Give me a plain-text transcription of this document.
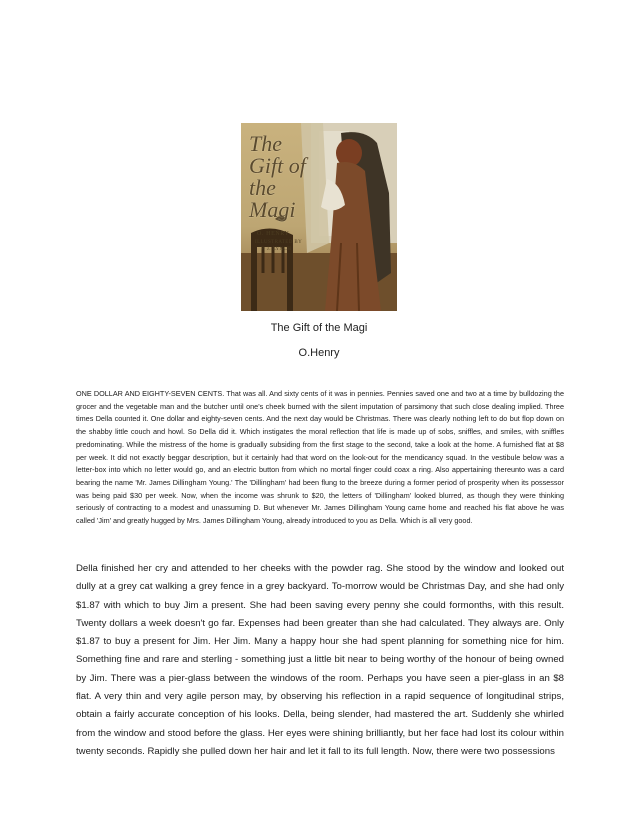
The
Gift of the
Magi
O. HENRY
ILLUSTRATED BY
P. J. LYNCH
The Gift of the Magi
O.Henry

ONE DOLLAR AND EIGHTY-SEVEN CENTS. That was all. And sixty cents of it was in pennies. Pennies saved one and two at a time by bulldozing the grocer and the vegetable man and the butcher until one's cheek burned with the silent imputation of parsimony that such close dealing implied. Three times Della counted it. One dollar and eighty-seven cents. And the next day would be Christmas. There was clearly nothing left to do but flop down on the shabby little couch and howl. So Della did it. Which instigates the moral reflection that life is made up of sobs, sniffles, and smiles, with sniffles predominating. While the mistress of the home is gradually subsiding from the first stage to the second, take a look at the home. A furnished flat at $8 per week. It did not exactly beggar description, but it certainly had that word on the look-out for the mendicancy squad. In the vestibule below was a letter-box into which no letter would go, and an electric button from which no mortal finger could coax a ring. Also appertaining thereunto was a card bearing the name 'Mr. James Dillingham Young.' The 'Dillingham' had been flung to the breeze during a former period of prosperity when its possessor was being paid $30 per week. Now, when the income was shrunk to $20, the letters of 'Dillingham' looked blurred, as though they were thinking seriously of contracting to a modest and unassuming D. But whenever Mr. James Dillingham Young came home and reached his flat above he was called 'Jim' and greatly hugged by Mrs. James Dillingham Young, already introduced to you as Della. Which is all very good.

Della finished her cry and attended to her cheeks with the powder rag. She stood by the window and looked out dully at a grey cat walking a grey fence in a grey backyard. To-morrow would be Christmas Day, and she had only $1.87 with which to buy Jim a present. She had been saving every penny she could formonths, with this result. Twenty dollars a week doesn't go far. Expenses had been greater than she had calculated. They always are. Only $1.87 to buy a present for Jim. Her Jim. Many a happy hour she had spent planning for something nice for him. Something fine and rare and sterling - something just a little bit near to being worthy of the honour of being owned by Jim. There was a pier-glass between the windows of the room. Perhaps you have seen a pier-glass in an $8 flat. A very thin and very agile person may, by observing his reflection in a rapid sequence of longitudinal strips, obtain a fairly accurate conception of his looks. Della, being slender, had mastered the art. Suddenly she whirled from the window and stood before the glass. Her eyes were shining brilliantly, but her face had lost its colour within twenty seconds. Rapidly she pulled down her hair and let it fall to its full length. Now, there were two possessions
